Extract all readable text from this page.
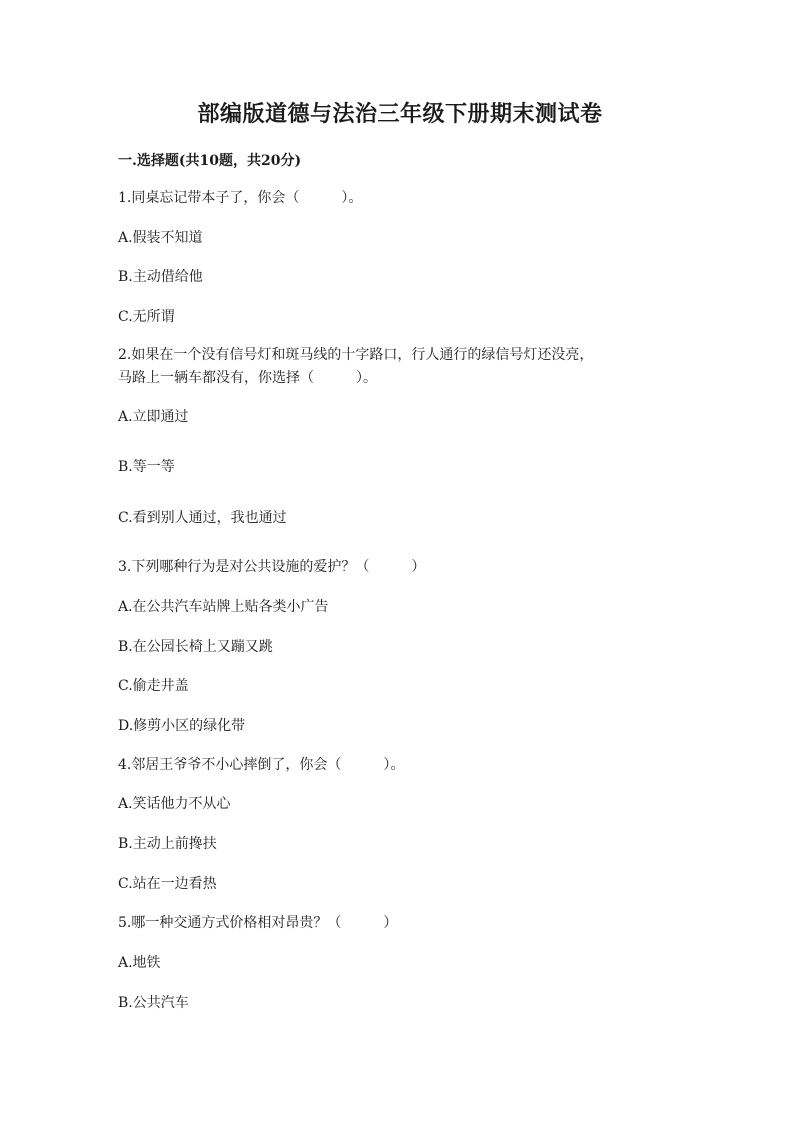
部编版道德与法治三年级下册期末测试卷

一.选择题(共10题，共20分)

1.同桌忘记带本子了，你会（　　　）。

A.假装不知道

B.主动借给他

C.无所谓

2.如果在一个没有信号灯和斑马线的十字路口，行人通行的绿信号灯还没亮，

马路上一辆车都没有，你选择（　　　）。

A.立即通过

B.等一等

C.看到别人通过，我也通过

3.下列哪种行为是对公共设施的爱护？（　　　）

A.在公共汽车站牌上贴各类小广告

B.在公园长椅上又蹦又跳

C.偷走井盖

D.修剪小区的绿化带

4.邻居王爷爷不小心摔倒了，你会（　　　）。

A.笑话他力不从心

B.主动上前搀扶

C.站在一边看热

5.哪一种交通方式价格相对昂贵？（　　　）

A.地铁

B.公共汽车
